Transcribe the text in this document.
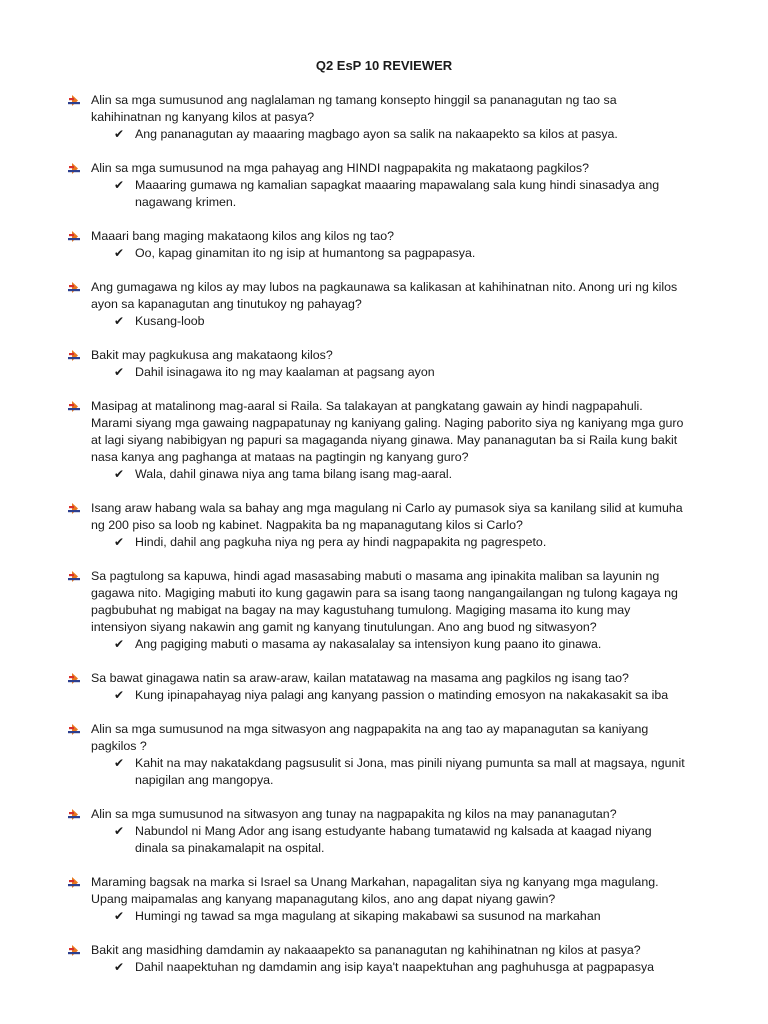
Q2 EsP 10 REVIEWER
Alin sa mga sumusunod ang naglalaman ng tamang konsepto hinggil sa pananagutan ng tao sa
kahihinatnan ng kanyang kilos at pasya?
✔ Ang pananagutan ay maaaring magbago ayon sa salik na nakaapekto sa kilos at pasya.
Alin sa mga sumusunod na mga pahayag ang HINDI nagpapakita ng makataong pagkilos?
✔ Maaaring gumawa ng kamalian sapagkat maaaring mapawalang sala kung hindi sinasadya ang
nagawang krimen.
Maaari bang maging makataong kilos ang kilos ng tao?
✔ Oo, kapag ginamitan ito ng isip at humantong sa pagpapasya.
Ang gumagawa ng kilos ay may lubos na pagkaunawa sa kalikasan at kahihinatnan nito. Anong uri ng kilos
ayon sa kapanagutan ang tinutukoy ng pahayag?
✔ Kusang-loob
Bakit may pagkukusa ang makataong kilos?
✔ Dahil isinagawa ito ng may kaalaman at pagsang ayon
Masipag at matalinong mag-aaral si Raila. Sa talakayan at pangkatang gawain ay hindi nagpapahuli.
Marami siyang mga gawaing nagpapatunay ng kaniyang galing. Naging paborito siya ng kaniyang mga guro
at lagi siyang nabibigyan ng papuri sa magaganda niyang ginawa. May pananagutan ba si Raila kung bakit
nasa kanya ang paghanga at mataas na pagtingin ng kanyang guro?
✔ Wala, dahil ginawa niya ang tama bilang isang mag-aaral.
Isang araw habang wala sa bahay ang mga magulang ni Carlo ay pumasok siya sa kanilang silid at kumuha
ng 200 piso sa loob ng kabinet. Nagpakita ba ng mapanagutang kilos si Carlo?
✔ Hindi, dahil ang pagkuha niya ng pera ay hindi nagpapakita ng pagrespeto.
Sa pagtulong sa kapuwa, hindi agad masasabing mabuti o masama ang ipinakita maliban sa layunin ng
gagawa nito. Magiging mabuti ito kung gagawin para sa isang taong nangangailangan ng tulong kagaya ng
pagbubuhat ng mabigat na bagay na may kagustuhang tumulong. Magiging masama ito kung may
intensiyon siyang nakawin ang gamit ng kanyang tinutulungan. Ano ang buod ng sitwasyon?
✔ Ang pagiging mabuti o masama ay nakasalalay sa intensiyon kung paano ito ginawa.
Sa bawat ginagawa natin sa araw-araw, kailan matatawag na masama ang pagkilos ng isang tao?
✔ Kung ipinapahayag niya palagi ang kanyang passion o matinding emosyon na nakakasakit sa iba
Alin sa mga sumusunod na mga sitwasyon ang nagpapakita na ang tao ay mapanagutan sa kaniyang
pagkilos ?
✔ Kahit na may nakatakdang pagsusulit si Jona, mas pinili niyang pumunta sa mall at magsaya, ngunit
napigilan ang mangopya.
Alin sa mga sumusunod na sitwasyon ang tunay na nagpapakita ng kilos na may pananagutan?
✔ Nabundol ni Mang Ador ang isang estudyante habang tumatawid ng kalsada at kaagad niyang
dinala sa pinakamalapit na ospital.
Maraming bagsak na marka si Israel sa Unang Markahan, napagalitan siya ng kanyang mga magulang.
Upang maipamalas ang kanyang mapanagutang kilos, ano ang dapat niyang gawin?
✔ Humingi ng tawad sa mga magulang at sikaping makabawi sa susunod na markahan
Bakit ang masidhing damdamin ay nakaaapekto sa pananagutan ng kahihinatnan ng kilos at pasya?
✔ Dahil naapektuhan ng damdamin ang isip kaya't naapektuhan ang paghuhusga at pagpapasya
